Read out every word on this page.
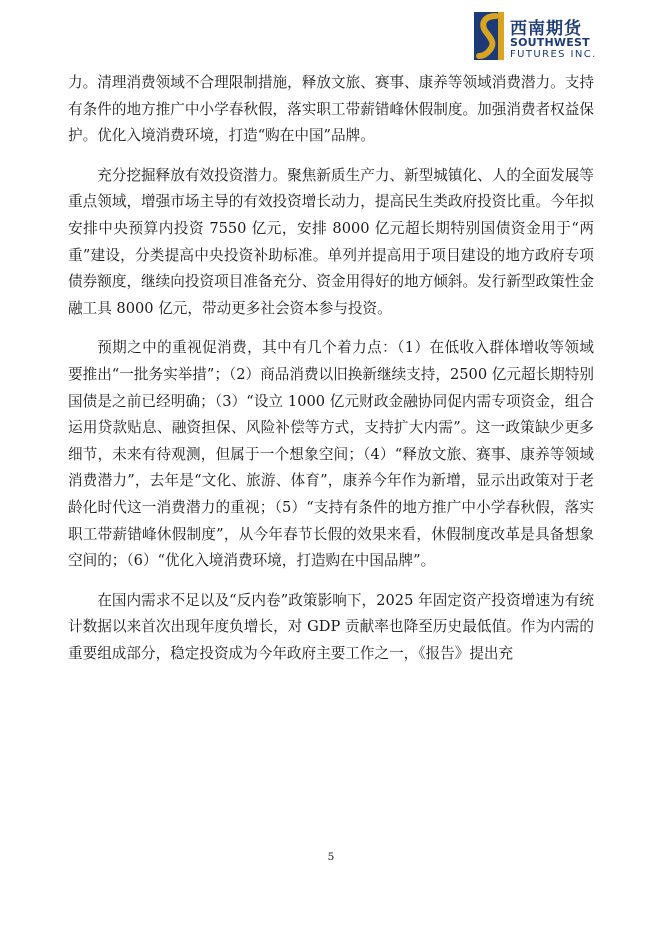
西南期货
SOUTHWEST
FUTURES INC.

力。清理消费领域不合理限制措施，释放文旅、赛事、康养等领域消费潜力。支持有条件的地方推广中小学春秋假，落实职工带薪错峰休假制度。加强消费者权益保护。优化入境消费环境，打造“购在中国”品牌。

充分挖掘释放有效投资潜力。聚焦新质生产力、新型城镇化、人的全面发展等重点领域，增强市场主导的有效投资增长动力，提高民生类政府投资比重。今年拟安排中央预算内投资 7550 亿元，安排 8000 亿元超长期特别国债资金用于“两重”建设，分类提高中央投资补助标准。单列并提高用于项目建设的地方政府专项债券额度，继续向投资项目准备充分、资金用得好的地方倾斜。发行新型政策性金融工具 8000 亿元，带动更多社会资本参与投资。

预期之中的重视促消费，其中有几个着力点：（1）在低收入群体增收等领域要推出“一批务实举措”；（2）商品消费以旧换新继续支持，2500 亿元超长期特别国债是之前已经明确；（3）“设立 1000 亿元财政金融协同促内需专项资金，组合运用贷款贴息、融资担保、风险补偿等方式，支持扩大内需”。这一政策缺少更多细节，未来有待观测，但属于一个想象空间；（4）“释放文旅、赛事、康养等领域消费潜力”，去年是“文化、旅游、体育”，康养今年作为新增，显示出政策对于老龄化时代这一消费潜力的重视；（5）“支持有条件的地方推广中小学春秋假，落实职工带薪错峰休假制度”，从今年春节长假的效果来看，休假制度改革是具备想象空间的；（6）“优化入境消费环境，打造购在中国品牌”。

在国内需求不足以及“反内卷”政策影响下，2025 年固定资产投资增速为有统计数据以来首次出现年度负增长，对 GDP 贡献率也降至历史最低值。作为内需的重要组成部分，稳定投资成为今年政府主要工作之一，《报告》提出充

5
